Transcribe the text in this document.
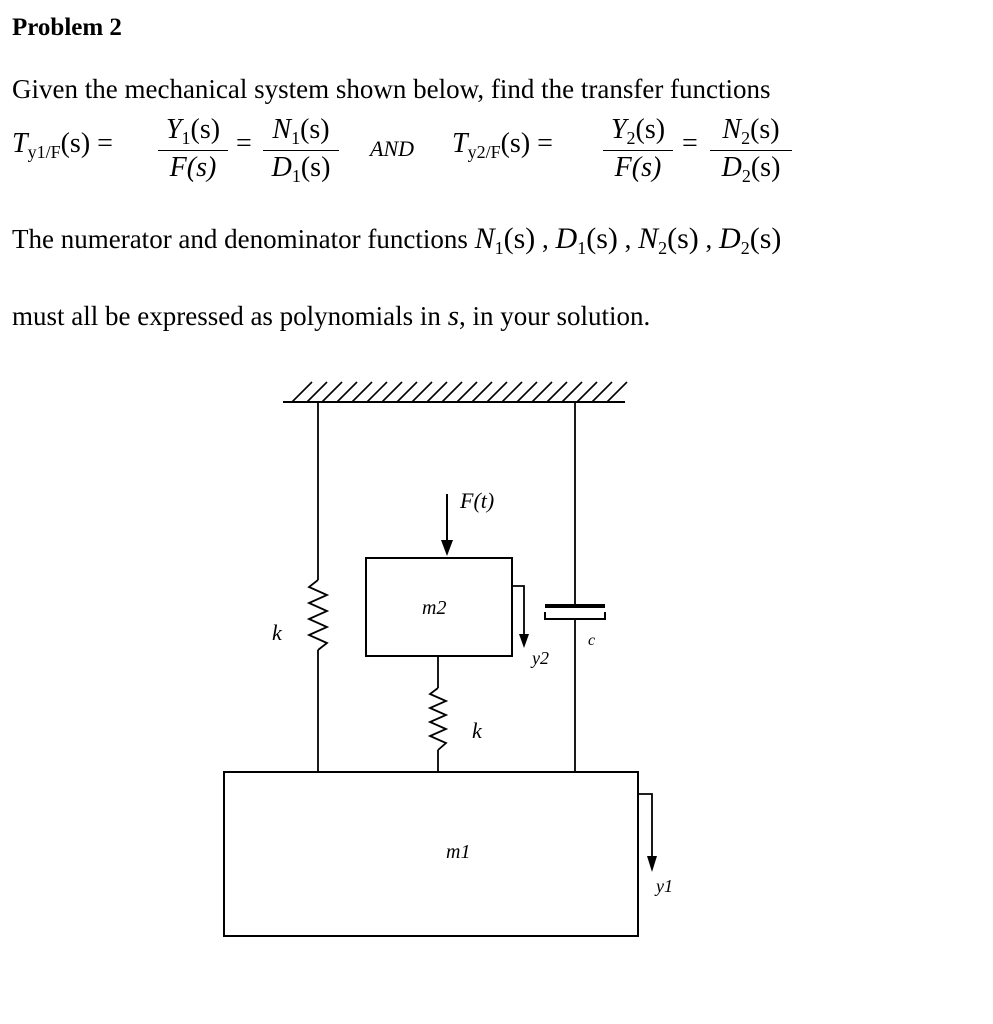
Problem 2
Given the mechanical system shown below, find the transfer functions
$T_{y1/F}(s) = Y_1(s)$
F(s)
= $N_1(s)$
$D_1(s)$
AND $T_{y2/F}(s) = Y_2(s)$
F(s)
= $N_2(s)$
$D_2(s)$
The numerator and denominator functions $N_1(s)$ , $D_1(s)$ , $N_2(s)$ , $D_2(s)$
must all be expressed as polynomials in s, in your solution.
k	c
F(t)
m2
y2
k
m1
y1
